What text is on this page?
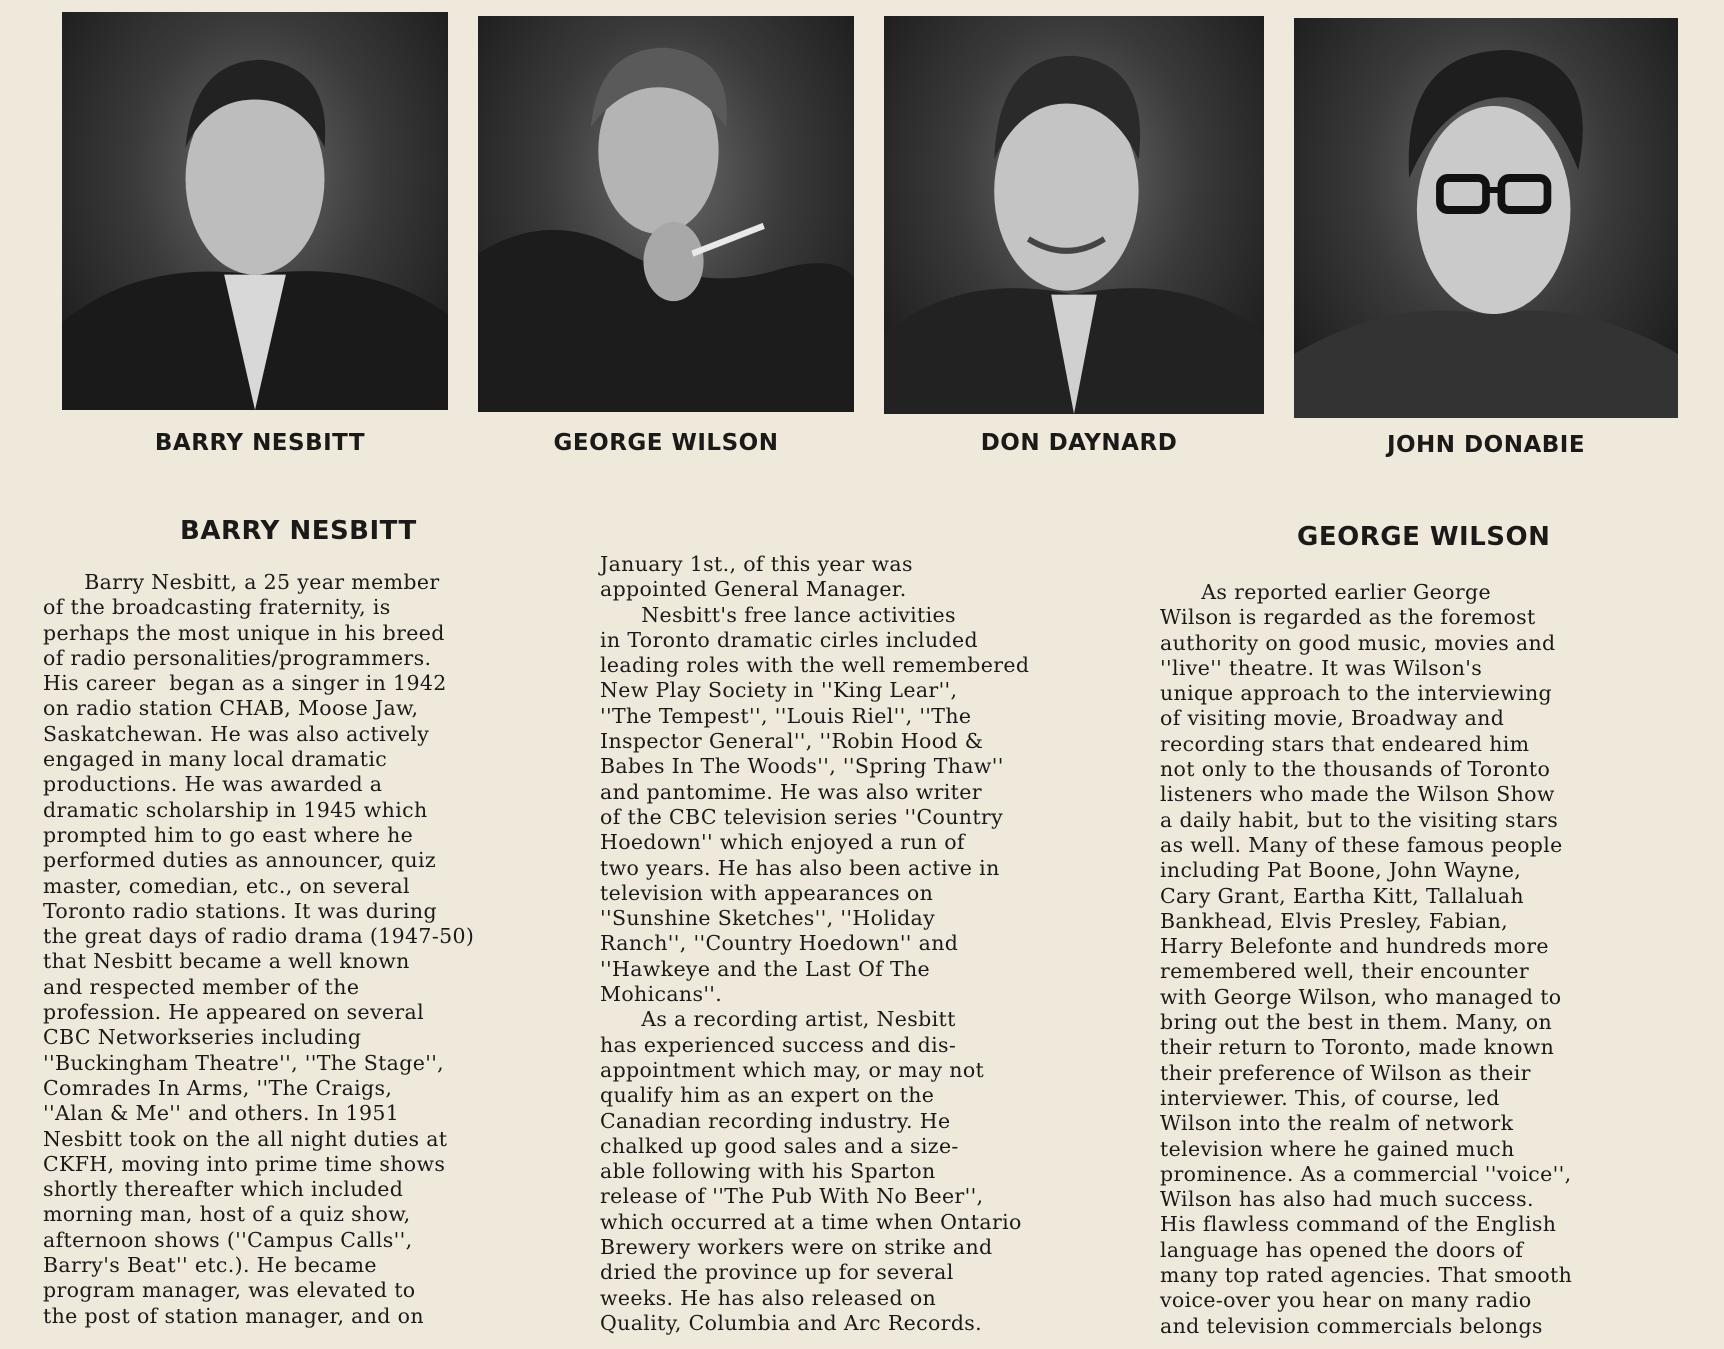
BARRY NESBITT	GEORGE WILSON	DON DAYNARD	JOHN DONABIE
BARRY NESBITT	GEORGE WILSON
Barry Nesbitt, a 25 year member
of the broadcasting fraternity, is
perhaps the most unique in his breed
of radio personalities/programmers.
His career  began as a singer in 1942
on radio station CHAB, Moose Jaw,
Saskatchewan. He was also actively
engaged in many local dramatic
productions. He was awarded a
dramatic scholarship in 1945 which
prompted him to go east where he
performed duties as announcer, quiz
master, comedian, etc., on several
Toronto radio stations. It was during
the great days of radio drama (1947-50)
that Nesbitt became a well known
and respected member of the
profession. He appeared on several
CBC Networkseries including
''Buckingham Theatre'', ''The Stage'',
Comrades In Arms, ''The Craigs,
''Alan & Me'' and others. In 1951
Nesbitt took on the all night duties at
CKFH, moving into prime time shows
shortly thereafter which included
morning man, host of a quiz show,
afternoon shows (''Campus Calls'',
Barry's Beat'' etc.). He became
program manager, was elevated to
the post of station manager, and on
January 1st., of this year was
appointed General Manager.
Nesbitt's free lance activities
in Toronto dramatic cirles included
leading roles with the well remembered
New Play Society in ''King Lear'',
''The Tempest'', ''Louis Riel'', ''The
Inspector General'', ''Robin Hood &
Babes In The Woods'', ''Spring Thaw''
and pantomime. He was also writer
of the CBC television series ''Country
Hoedown'' which enjoyed a run of
two years. He has also been active in
television with appearances on
''Sunshine Sketches'', ''Holiday
Ranch'', ''Country Hoedown'' and
''Hawkeye and the Last Of The
Mohicans''.
As a recording artist, Nesbitt
has experienced success and dis-
appointment which may, or may not
qualify him as an expert on the
Canadian recording industry. He
chalked up good sales and a size-
able following with his Sparton
release of ''The Pub With No Beer'',
which occurred at a time when Ontario
Brewery workers were on strike and
dried the province up for several
weeks. He has also released on
Quality, Columbia and Arc Records.
As reported earlier George
Wilson is regarded as the foremost
authority on good music, movies and
''live'' theatre. It was Wilson's
unique approach to the interviewing
of visiting movie, Broadway and
recording stars that endeared him
not only to the thousands of Toronto
listeners who made the Wilson Show
a daily habit, but to the visiting stars
as well. Many of these famous people
including Pat Boone, John Wayne,
Cary Grant, Eartha Kitt, Tallaluah
Bankhead, Elvis Presley, Fabian,
Harry Belefonte and hundreds more
remembered well, their encounter
with George Wilson, who managed to
bring out the best in them. Many, on
their return to Toronto, made known
their preference of Wilson as their
interviewer. This, of course, led
Wilson into the realm of network
television where he gained much
prominence. As a commercial ''voice'',
Wilson has also had much success.
His flawless command of the English
language has opened the doors of
many top rated agencies. That smooth
voice-over you hear on many radio
and television commercials belongs
